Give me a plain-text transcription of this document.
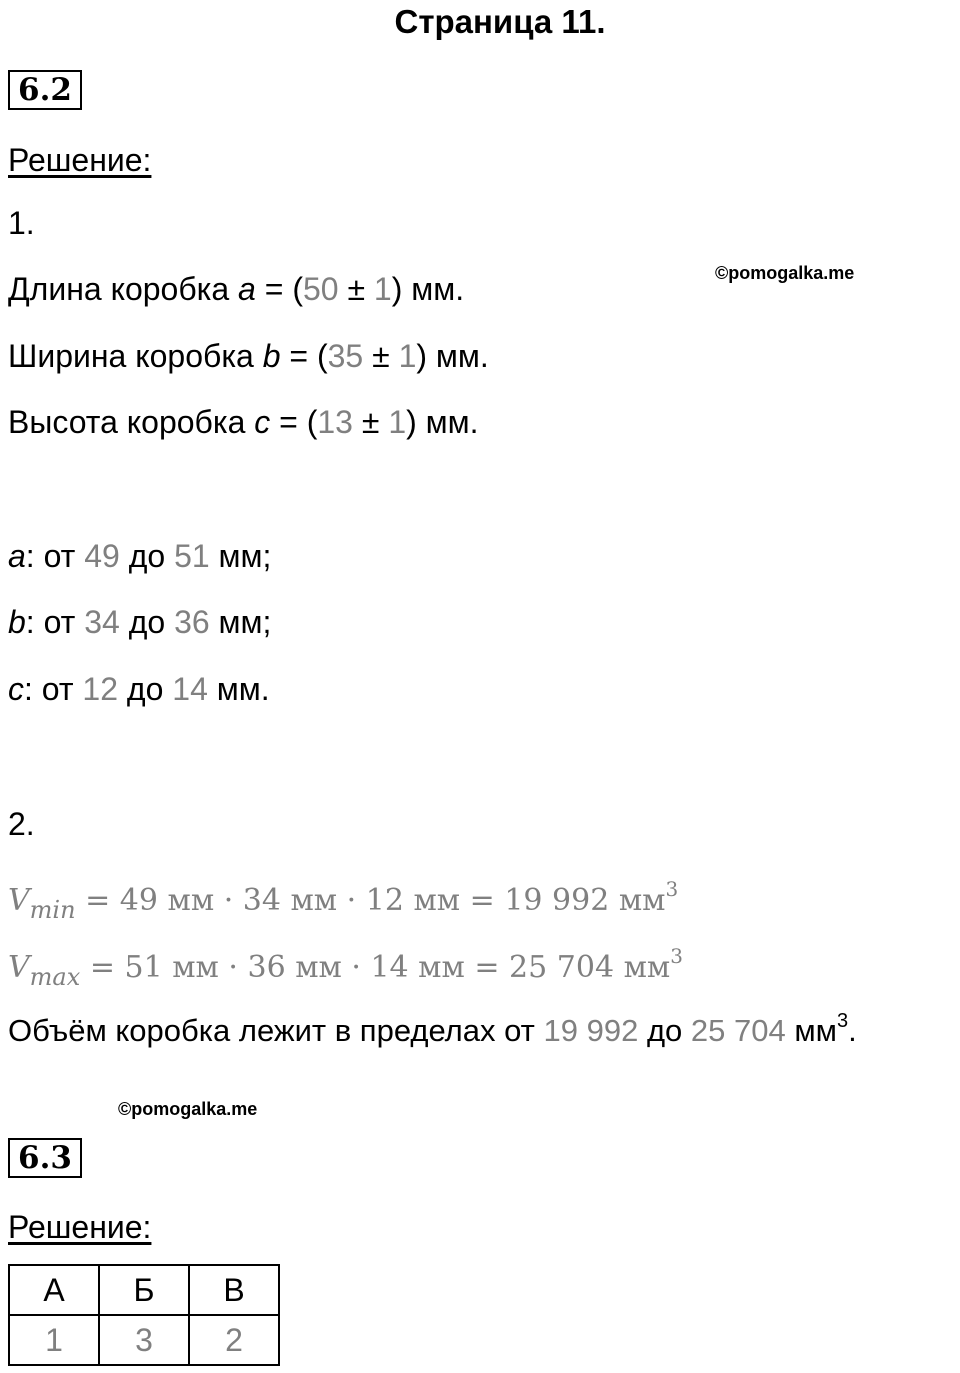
Страница 11.
6.2
Решение:
1.
©pomogalka.me
Длина коробка a = (50 ± 1) мм.
Ширина коробка b = (35 ± 1) мм.
Высота коробка c = (13 ± 1) мм.
a: от 49 до 51 мм;
b: от 34 до 36 мм;
c: от 12 до 14 мм.
2.
$V_{min} = 49$ мм · 34 мм · 12 мм = 19 992 $мм^3$
$V_{max} = 51$ мм · 36 мм · 14 мм = 25 704 $мм^3$
Объём коробка лежит в пределах от 19 992 до 25 704 $мм^3$.
©pomogalka.me
6.3
Решение:
А	Б	В
1	3	2
